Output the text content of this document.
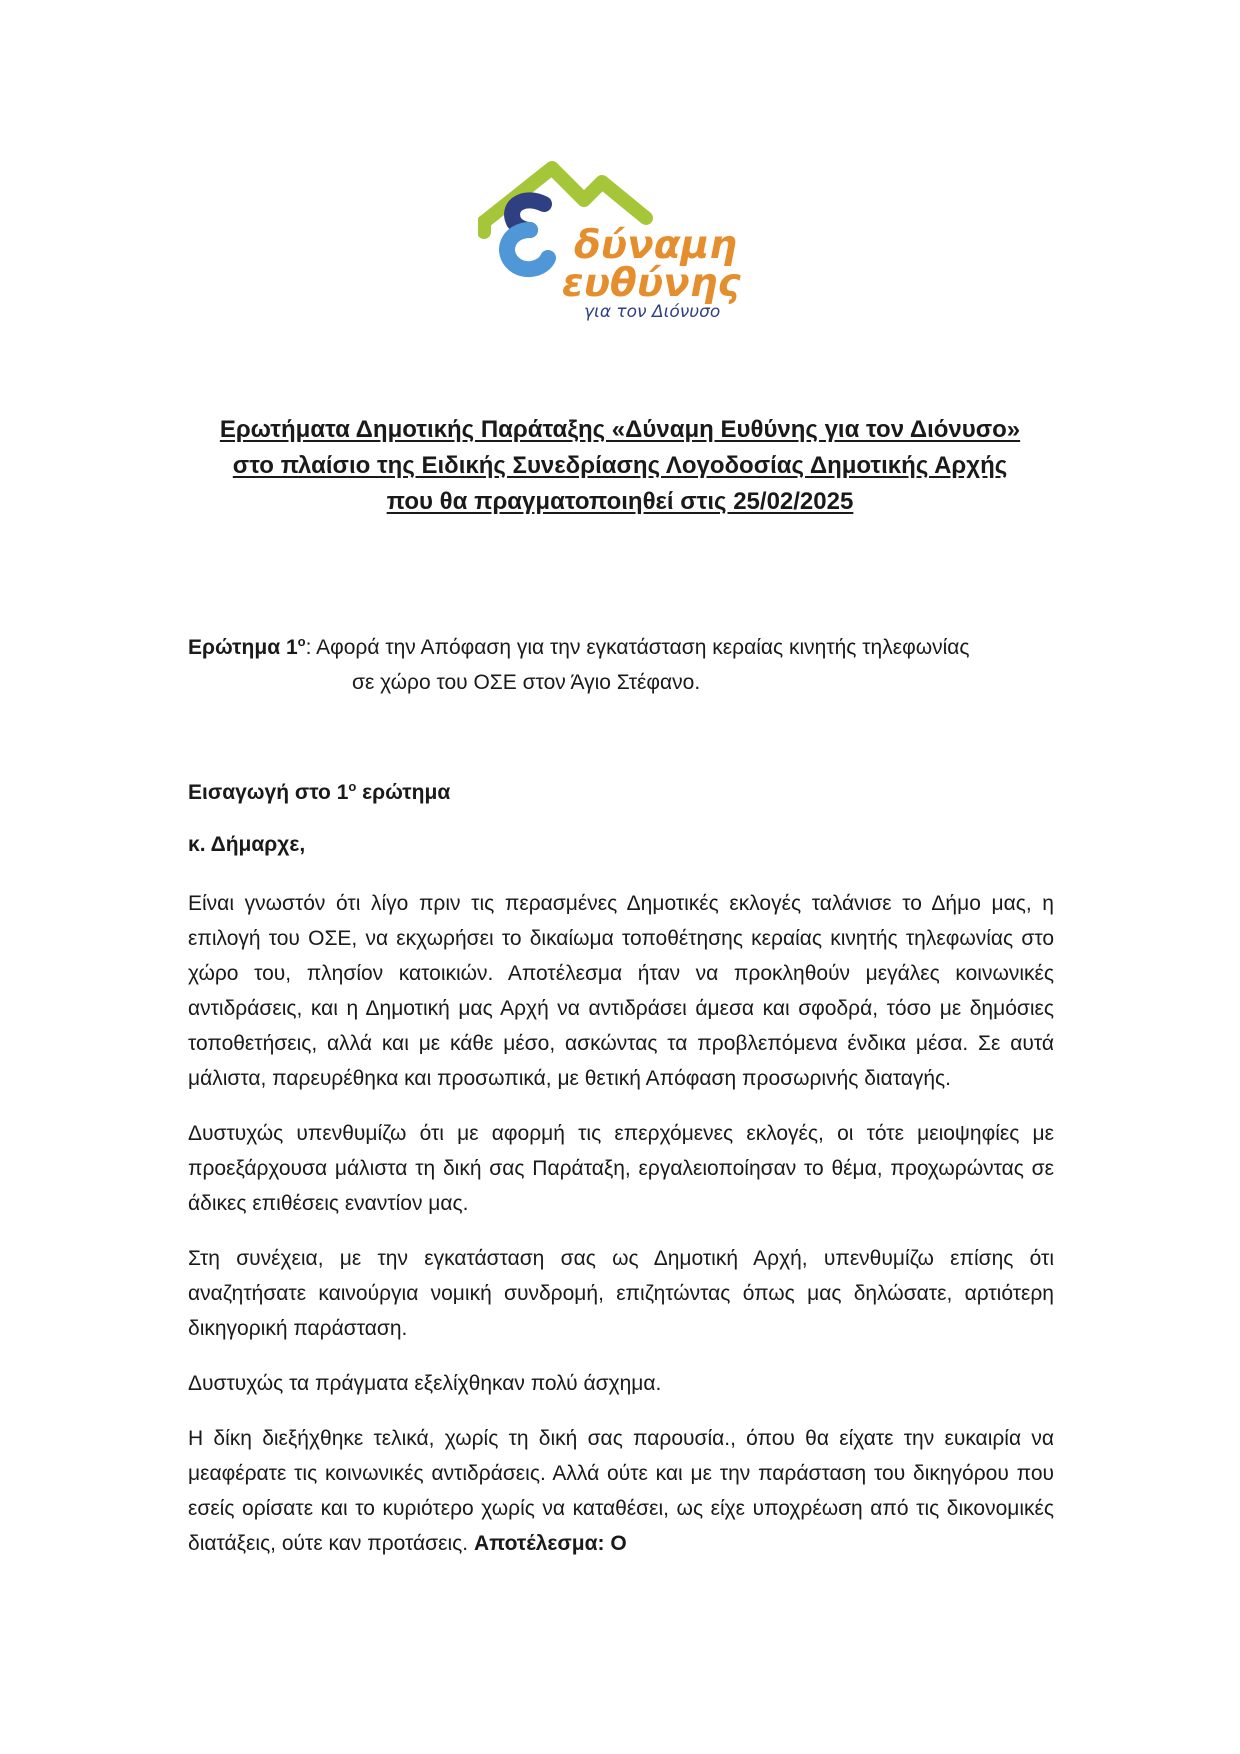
δύναμη
ευθύνης
για τον Διόνυσο
Ερωτήματα Δημοτικής Παράταξης «Δύναμη Ευθύνης για τον Διόνυσο»
στο πλαίσιο της Ειδικής Συνεδρίασης Λογοδοσίας Δημοτικής Αρχής
που θα πραγματοποιηθεί στις 25/02/2025
Ερώτημα $1^o$: Αφορά την Απόφαση για την εγκατάσταση κεραίας κινητής τηλεφωνίας
σε χώρο του ΟΣΕ στον Άγιο Στέφανο.
Εισαγωγή στο $1^o$ ερώτημα
κ. Δήμαρχε,

Είναι γνωστόν ότι λίγο πριν τις περασμένες Δημοτικές εκλογές ταλάνισε το Δήμο μας, η επιλογή του ΟΣΕ, να εκχωρήσει το δικαίωμα τοποθέτησης κεραίας κινητής τηλεφωνίας στο χώρο του, πλησίον κατοικιών. Αποτέλεσμα ήταν να προκληθούν μεγάλες κοινωνικές αντιδράσεις, και η Δημοτική μας Αρχή να αντιδράσει άμεσα και σφοδρά, τόσο με δημόσιες τοποθετήσεις, αλλά και με κάθε μέσο, ασκώντας τα προβλεπόμενα ένδικα μέσα. Σε αυτά μάλιστα, παρευρέθηκα και προσωπικά, με θετική Απόφαση προσωρινής διαταγής.

Δυστυχώς υπενθυμίζω ότι με αφορμή τις επερχόμενες εκλογές, οι τότε μειοψηφίες με προεξάρχουσα μάλιστα τη δική σας Παράταξη, εργαλειοποίησαν το θέμα, προχωρώντας σε άδικες επιθέσεις εναντίον μας.

Στη συνέχεια, με την εγκατάσταση σας ως Δημοτική Αρχή, υπενθυμίζω επίσης ότι αναζητήσατε καινούργια νομική συνδρομή, επιζητώντας όπως μας δηλώσατε, αρτιότερη δικηγορική παράσταση.

Δυστυχώς τα πράγματα εξελίχθηκαν πολύ άσχημα.

Η δίκη διεξήχθηκε τελικά, χωρίς τη δική σας παρουσία., όπου θα είχατε την ευκαιρία να μεαφέρατε τις κοινωνικές αντιδράσεις. Αλλά ούτε και με την παράσταση του δικηγόρου που εσείς ορίσατε και το κυριότερο χωρίς να καταθέσει, ως είχε υποχρέωση από τις δικονομικές διατάξεις, ούτε καν προτάσεις. Αποτέλεσμα: Ο
